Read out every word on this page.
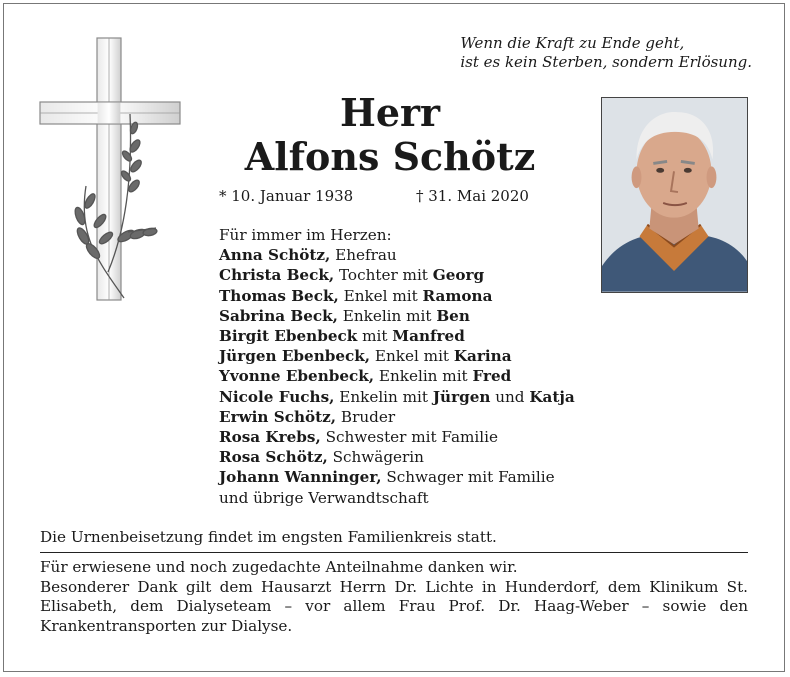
Wenn die Kraft zu Ende geht,
ist es kein Sterben, sondern Erlösung.
Herr
Alfons Schötz
* 10. Januar 1938	† 31. Mai 2020
Für immer im Herzen:
Anna Schötz, Ehefrau
Christa Beck, Tochter mit Georg
Thomas Beck, Enkel mit Ramona
Sabrina Beck, Enkelin mit Ben
Birgit Ebenbeck mit Manfred
Jürgen Ebenbeck, Enkel mit Karina
Yvonne Ebenbeck, Enkelin mit Fred
Nicole Fuchs, Enkelin mit Jürgen und Katja
Erwin Schötz, Bruder
Rosa Krebs, Schwester mit Familie
Rosa Schötz, Schwägerin
Johann Wanninger, Schwager mit Familie
und übrige Verwandtschaft
Die Urnenbeisetzung findet im engsten Familienkreis statt.

Für erwiesene und noch zugedachte Anteilnahme danken wir.

Besonderer Dank gilt dem Hausarzt Herrn Dr. Lichte in Hunderdorf, dem Klinikum St. Elisabeth, dem Dialyseteam – vor allem Frau Prof. Dr. Haag-Weber – sowie den Krankentransporten zur Dialyse.
